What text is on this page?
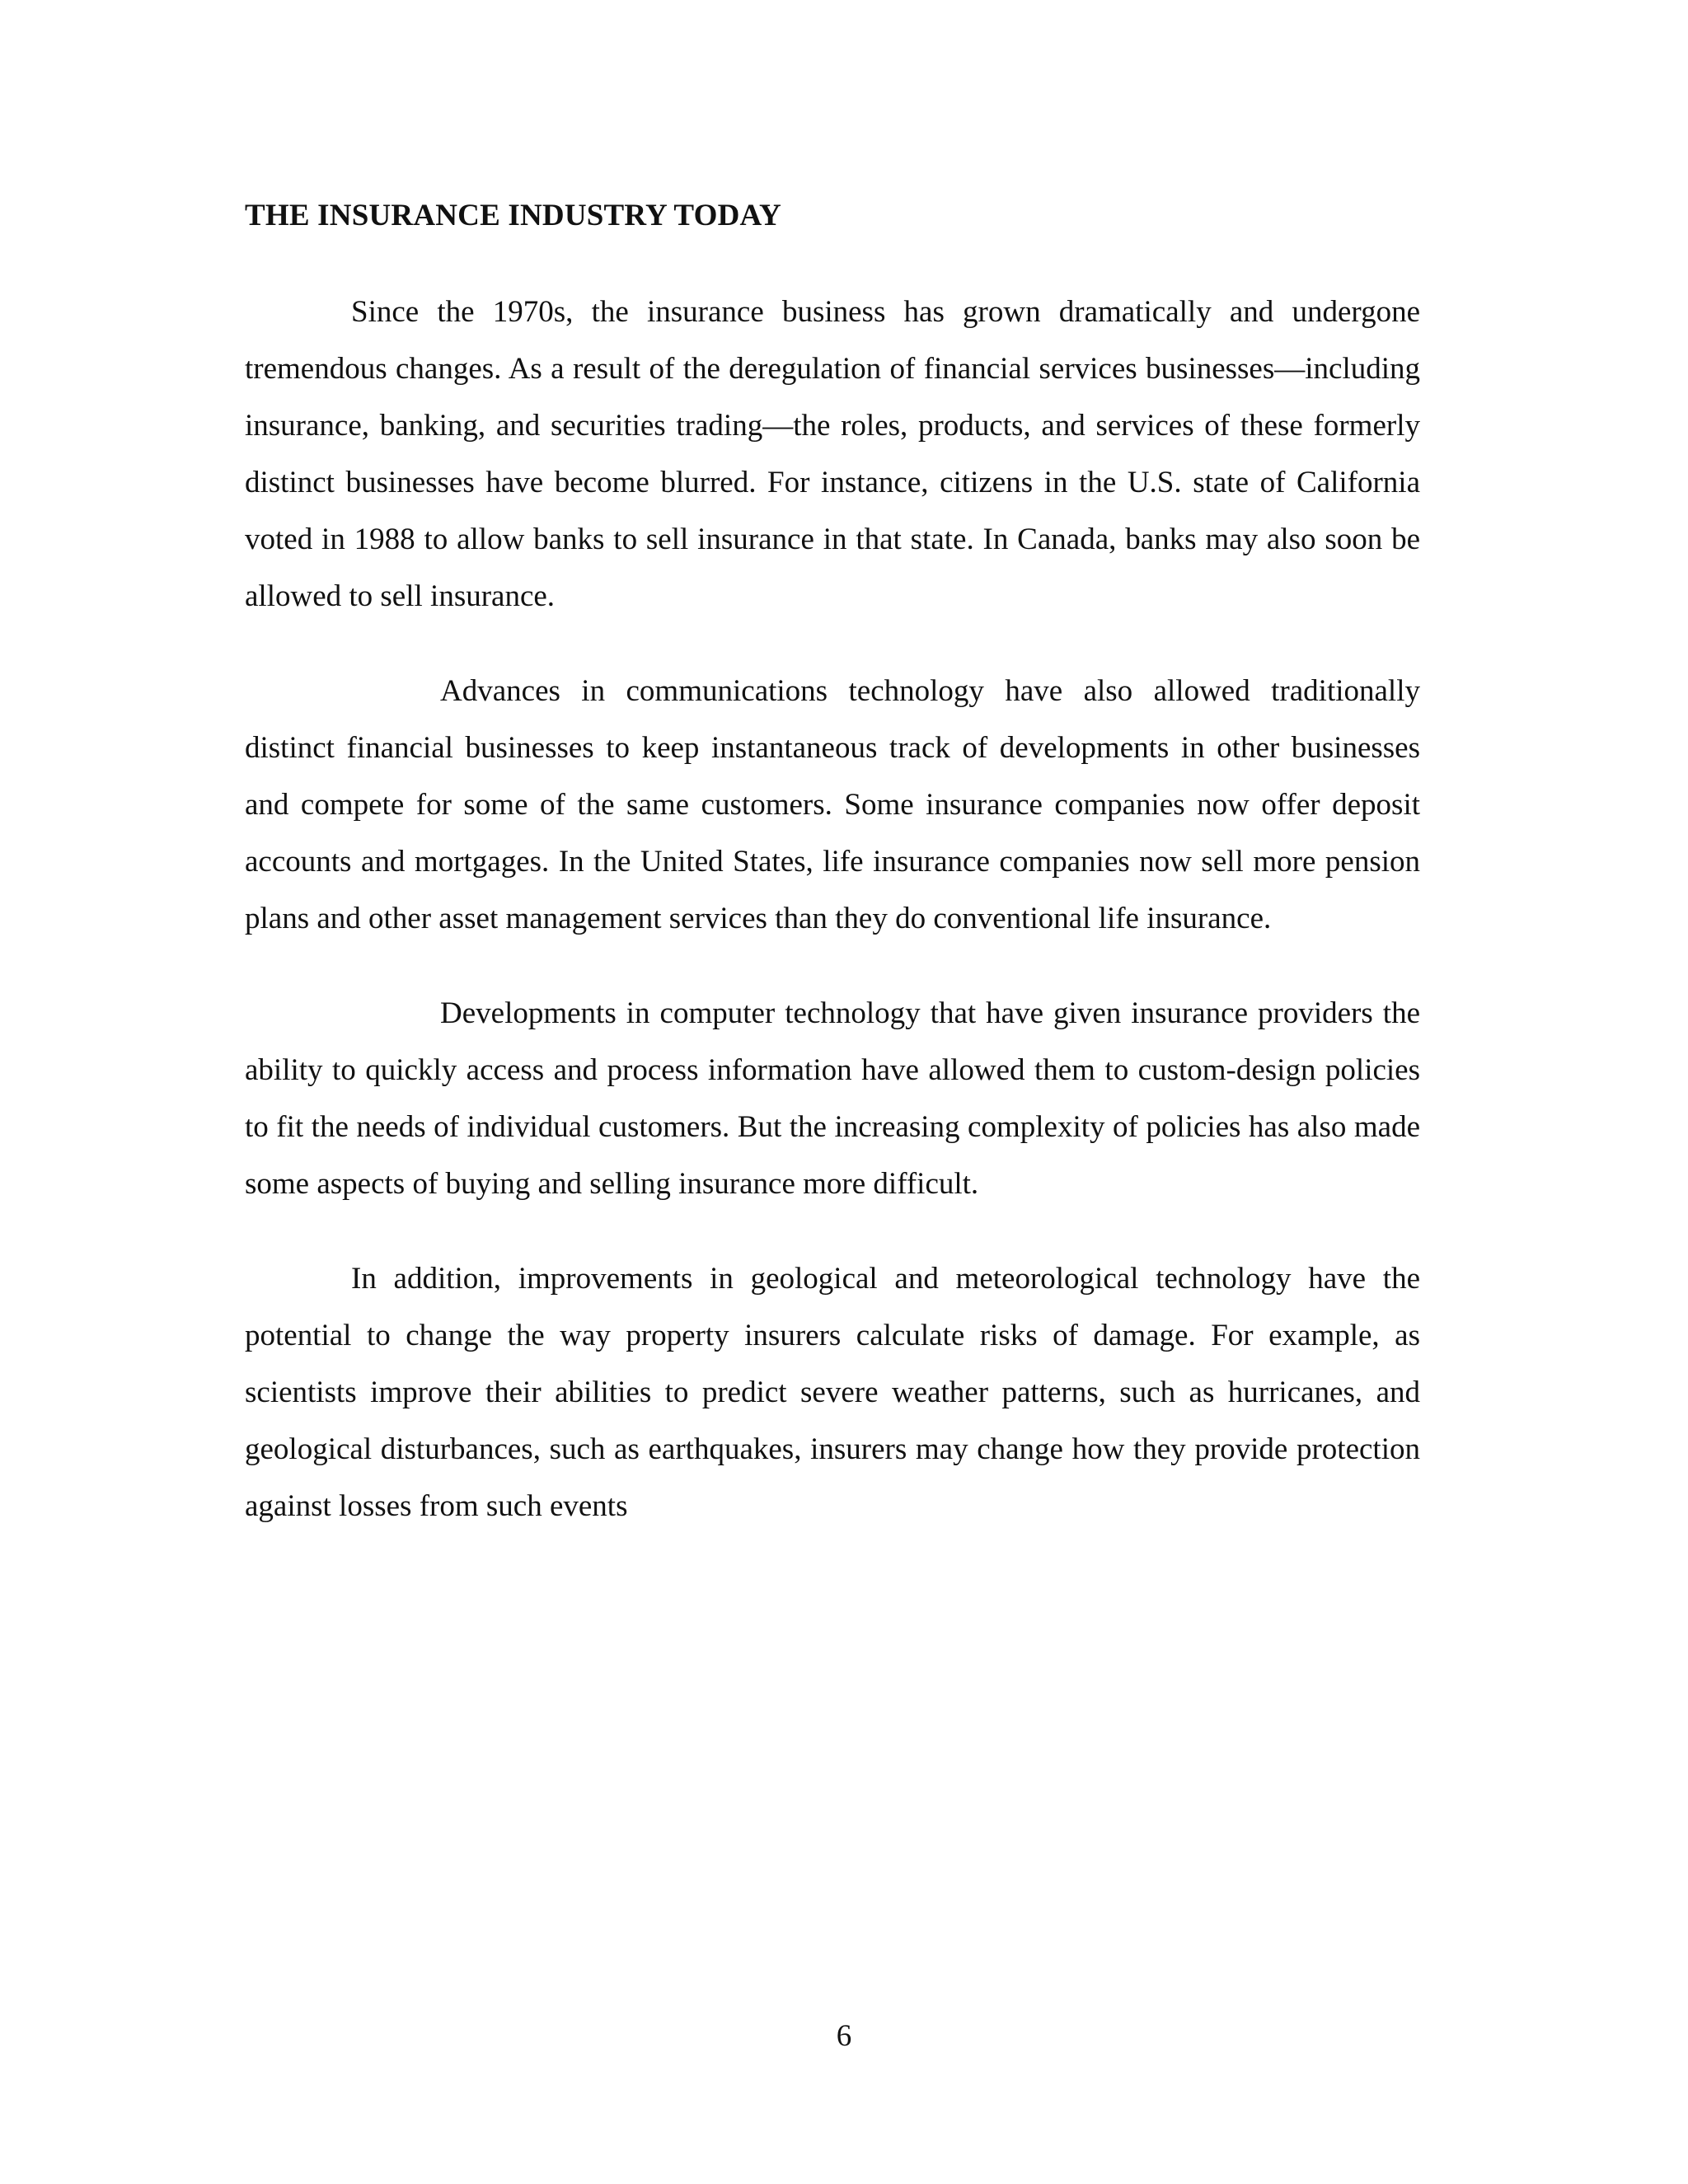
THE INSURANCE INDUSTRY TODAY

Since the 1970s, the insurance business has grown dramatically and undergone tremendous changes. As a result of the deregulation of financial services businesses—including insurance, banking, and securities trading—the roles, products, and services of these formerly distinct businesses have become blurred. For instance, citizens in the U.S. state of California voted in 1988 to allow banks to sell insurance in that state. In Canada, banks may also soon be allowed to sell insurance.

Advances in communications technology have also allowed traditionally distinct financial businesses to keep instantaneous track of developments in other businesses and compete for some of the same customers. Some insurance companies now offer deposit accounts and mortgages. In the United States, life insurance companies now sell more pension plans and other asset management services than they do conventional life insurance.

Developments in computer technology that have given insurance providers the ability to quickly access and process information have allowed them to custom-design policies to fit the needs of individual customers. But the increasing complexity of policies has also made some aspects of buying and selling insurance more difficult.

In addition, improvements in geological and meteorological technology have the potential to change the way property insurers calculate risks of damage. For example, as scientists improve their abilities to predict severe weather patterns, such as hurricanes, and geological disturbances, such as earthquakes, insurers may change how they provide protection against losses from such events

6
